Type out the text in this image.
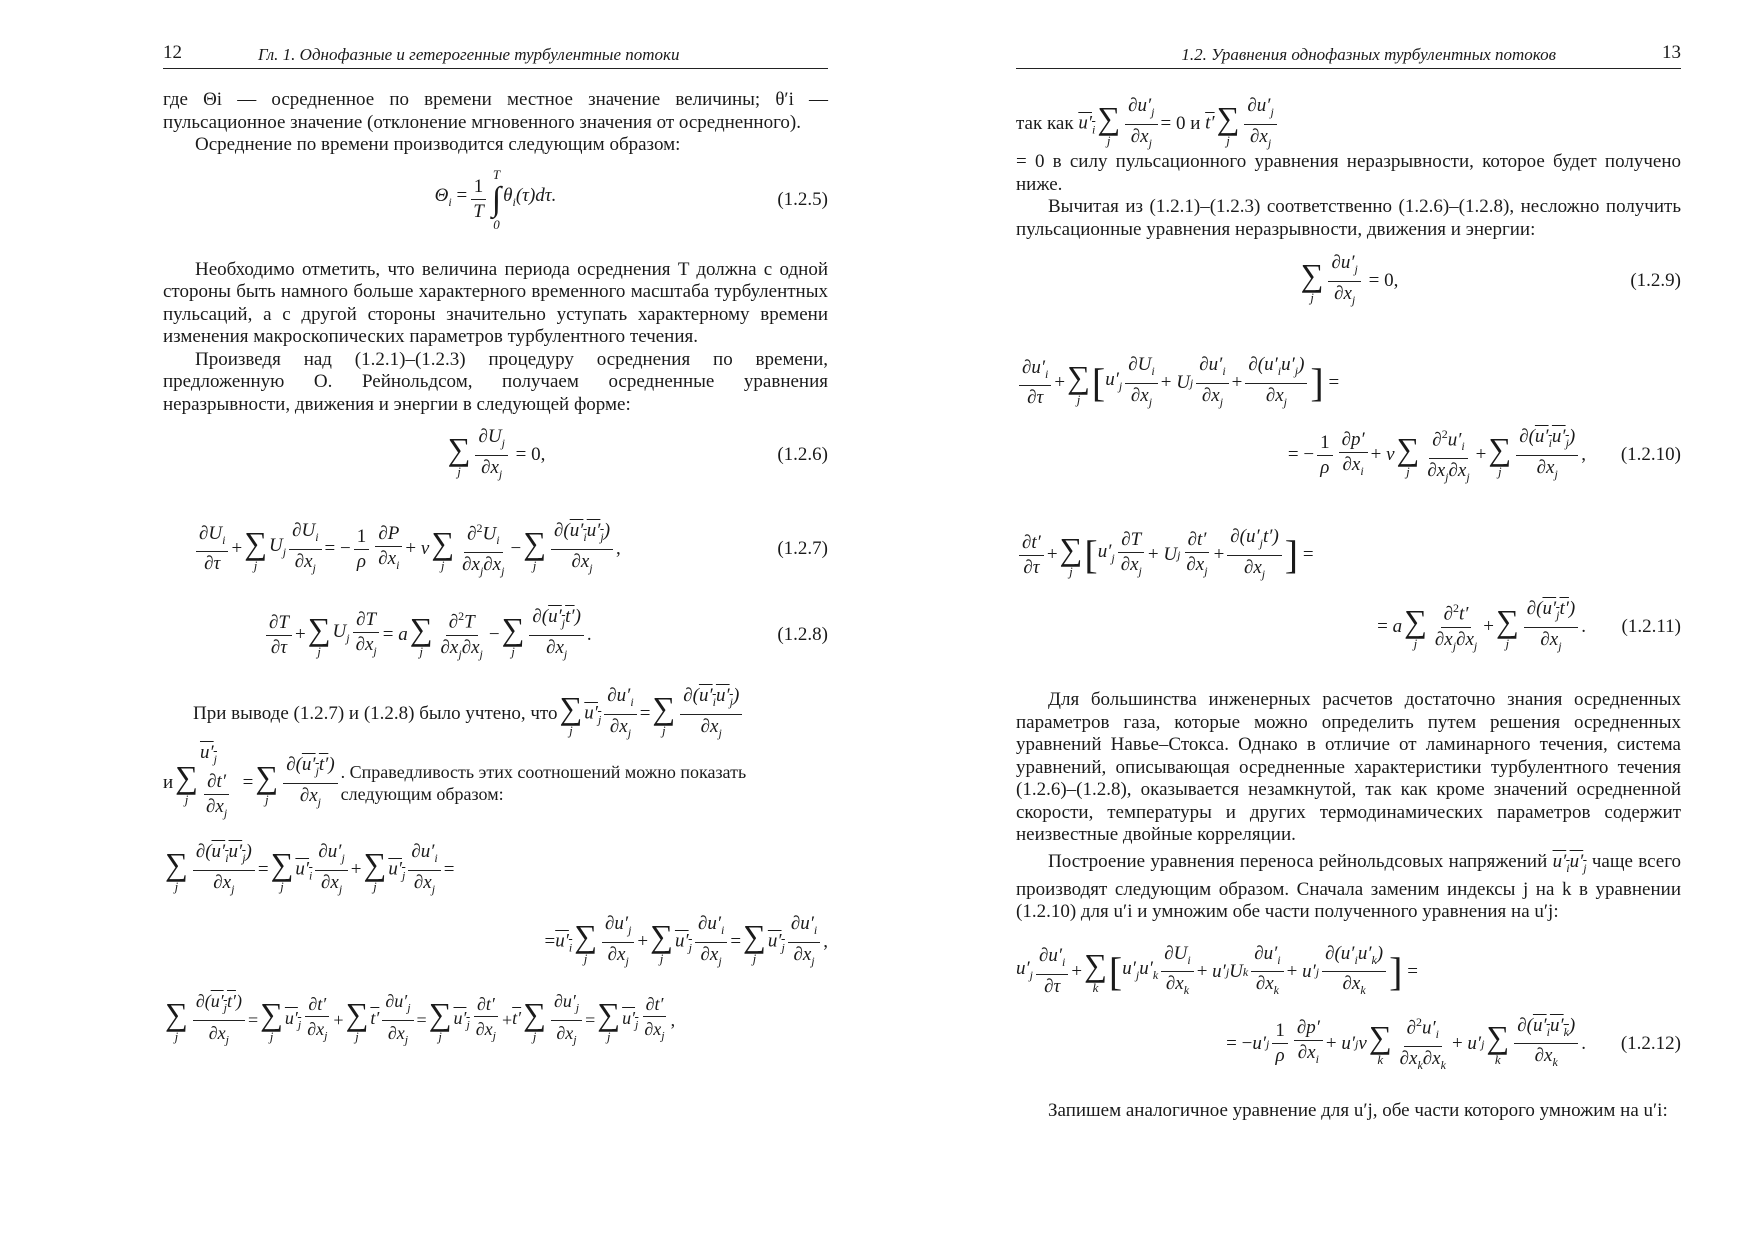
12	Гл. 1. Однофазные и гетерогенные турбулентные потоки

где Θi — осредненное по времени местное значение величины; θ′i — пульсационное значение (отклонение мгновенного значения от осредненного).

Осреднение по времени производится следующим образом:

$\Theta_i = \frac{1}{T}$
T
∫
0
$\theta_i(\tau)d\tau$.	(1.2.5)

Необходимо отметить, что величина периода осреднения T должна с одной стороны быть намного больше характерного временного масштаба турбулентных пульсаций, а с другой стороны значительно уступать характерному времени изменения макроскопических параметров турбулентного течения.

Произведя над (1.2.1)–(1.2.3) процедуру осреднения по времени, предложенную О. Рейнольдсом, получаем осредненные уравнения неразрывности, движения и энергии в следующей форме:

∑
j $\frac{\partial U_j}{\partial x_j} = 0$,	(1.2.6)
$\frac{\partial U_i}{\partial\tau}$ + ∑
j
$U_j \frac{\partial U_i}{\partial x_j}$ = − $\frac{1}{\rho} \frac{\partial P}{\partial x_i} + \nu$ ∑
j $\frac{\partial^2U_i}{\partial x_j\partial x_j}$ − ∑
j $\frac{\partial(u'_iu'_j)}{\partial x_j}$ ,	(1.2.7)
$\frac{\partial T}{\partial\tau}$ + ∑
j
$U_j \frac{\partial T}{\partial x_j} = a$ ∑
j $\frac{\partial^2T}{\partial x_j\partial x_j}$ − ∑
j $\frac{\partial(u'_jt')}{\partial x_j}$ .	(1.2.8)
При выводе (1.2.7) и (1.2.8) было учтено, что ∑
j
$u'_j \frac{\partial u'_i}{\partial x_j}$ = ∑
j $\frac{\partial(u'_iu'_j)}{\partial x_j}$
и ∑
j
$u'_j$
$\frac{\partial t'}{\partial x_j}$ = ∑
j $\frac{\partial(u'_jt')}{\partial x_j}$ . Справедливость этих соотношений можно показать следующим образом:
∑
j $\frac{\partial(u'_iu'_j)}{\partial x_j}$ = ∑
j
$u'_i \frac{\partial u'_j}{\partial x_j}$ + ∑
j
$u'_j \frac{\partial u'_i}{\partial x_j}$ =
= $u'_i$ ∑
j $\frac{\partial u'_j}{\partial x_j}$ + ∑
j
$u'_j \frac{\partial u'_i}{\partial x_j}$ = ∑
j
$u'_j \frac{\partial u'_i}{\partial x_j}$ ,
∑
j $\frac{\partial(u'_jt')}{\partial x_j}$ = ∑
j
$u'_j \frac{\partial t'}{\partial x_j}$ + ∑
j
$t' \frac{\partial u'_j}{\partial x_j}$ = ∑
j
$u'_j \frac{\partial t'}{\partial x_j} + t'$ ∑
j $\frac{\partial u'_j}{\partial x_j}$ = ∑
j
$u'_j \frac{\partial t'}{\partial x_j}$ ,
1.2. Уравнения однофазных турбулентных потоков	13
так как
$u'_i$ ∑
j $\frac{\partial u'_j}{\partial x_j} = 0$ и
t′ ∑
j $\frac{\partial u'_j}{\partial x_j}$

= 0 в силу пульсационного уравнения неразрывности, которое будет получено ниже.

Вычитая из (1.2.1)–(1.2.3) соответственно (1.2.6)–(1.2.8), несложно получить пульсационные уравнения неразрывности, движения и энергии:

∑
j $\frac{\partial u'_j}{\partial x_j} = 0$,	(1.2.9)
$\frac{\partial u'_i}{\partial\tau}$ + ∑
j [ $u'_j \frac{\partial U_i}{\partial x_j} + U$ j $\frac{\partial u'_i}{\partial x_j} + \frac{\partial(u'_iu'_j)}{\partial x_j}$ ] =
= − $\frac{1}{\rho} \frac{\partial p'}{\partial x_i} + \nu$ ∑
j $\frac{\partial^2u'_i}{\partial x_j\partial x_j}$ + ∑
j $\frac{\partial(u'_iu'_j)}{\partial x_j}$ , (1.2.10)
$\frac{\partial t'}{\partial\tau}$ + ∑
j [ $u'_j \frac{\partial T}{\partial x_j} + U$ j $\frac{\partial t'}{\partial x_j} + \frac{\partial(u'_jt')}{\partial x_j}$ ] =
= a ∑
j $\frac{\partial^2t'}{\partial x_j\partial x_j}$ + ∑
j $\frac{\partial(u'_jt')}{\partial x_j}$ . (1.2.11)

Для большинства инженерных расчетов достаточно знания осредненных параметров газа, которые можно определить путем решения осредненных уравнений Навье–Стокса. Однако в отличие от ламинарного течения, система уравнений, описывающая осредненные характеристики турбулентного течения (1.2.6)–(1.2.8), оказывается незамкнутой, так как кроме значений осредненной скорости, температуры и других термодинамических параметров содержит неизвестные двойные корреляции.

Построение уравнения переноса рейнольдсовых напряжений $u'_iu'_j$ чаще всего производят следующим образом. Сначала заменим индексы j на k в уравнении (1.2.10) для u′i и умножим обе части полученного уравнения на u′j:

$u'_j \frac{\partial u'_i}{\partial\tau}$ + ∑
k [ $u'_ju'_k \frac{\partial U_i}{\partial x_k} + u'$ j U k $\frac{\partial u'_i}{\partial x_k} + u'$ j $\frac{\partial(u'_iu'_k)}{\partial x_k}$ ] =
= − u′ j $\frac{1}{\rho} \frac{\partial p'}{\partial x_i} + u'$ j ν ∑
k $\frac{\partial^2u'_i}{\partial x_k\partial x_k} + u'$ j ∑
k $\frac{\partial(u'_iu'_k)}{\partial x_k}$ . (1.2.12)

Запишем аналогичное уравнение для u′j, обе части которого умножим на u′i:
